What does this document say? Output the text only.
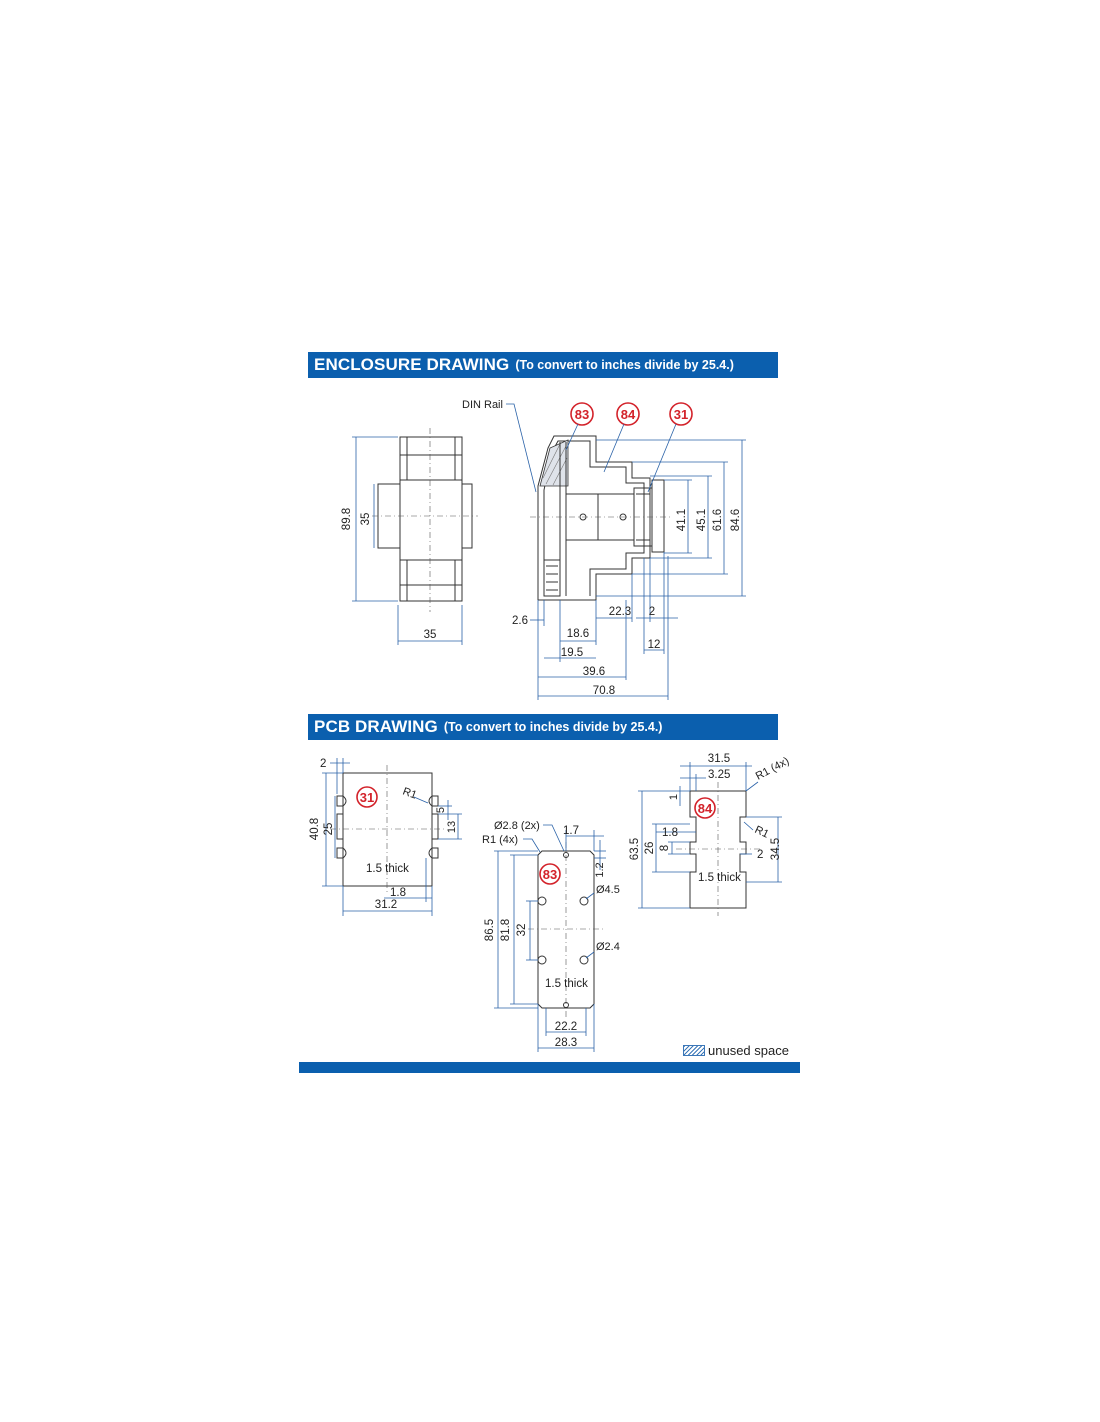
ENCLOSURE DRAWING (To convert to inches divide by 25.4.)
PCB DRAWING (To convert to inches divide by 25.4.)
89.8 35
35
DIN Rail
83 84	31
41.1 45.1 61.6 84.6
2.6
18.6
19.5
22.3 2
12
39.6
70.8
31
1.5 thick
2
40.8 25
R1
5
13
1.8
31.2
83
1.5 thick
Ø2.8 (2x)
R1 (4x)
1.7
1.2
Ø4.5
Ø2.4
86.5 81.8 32
22.2
28.3
84
1.5 thick
31.5
3.25 R1 (4x)
1
R1
1.8
63.5 26 8
2 34.5
unused space
